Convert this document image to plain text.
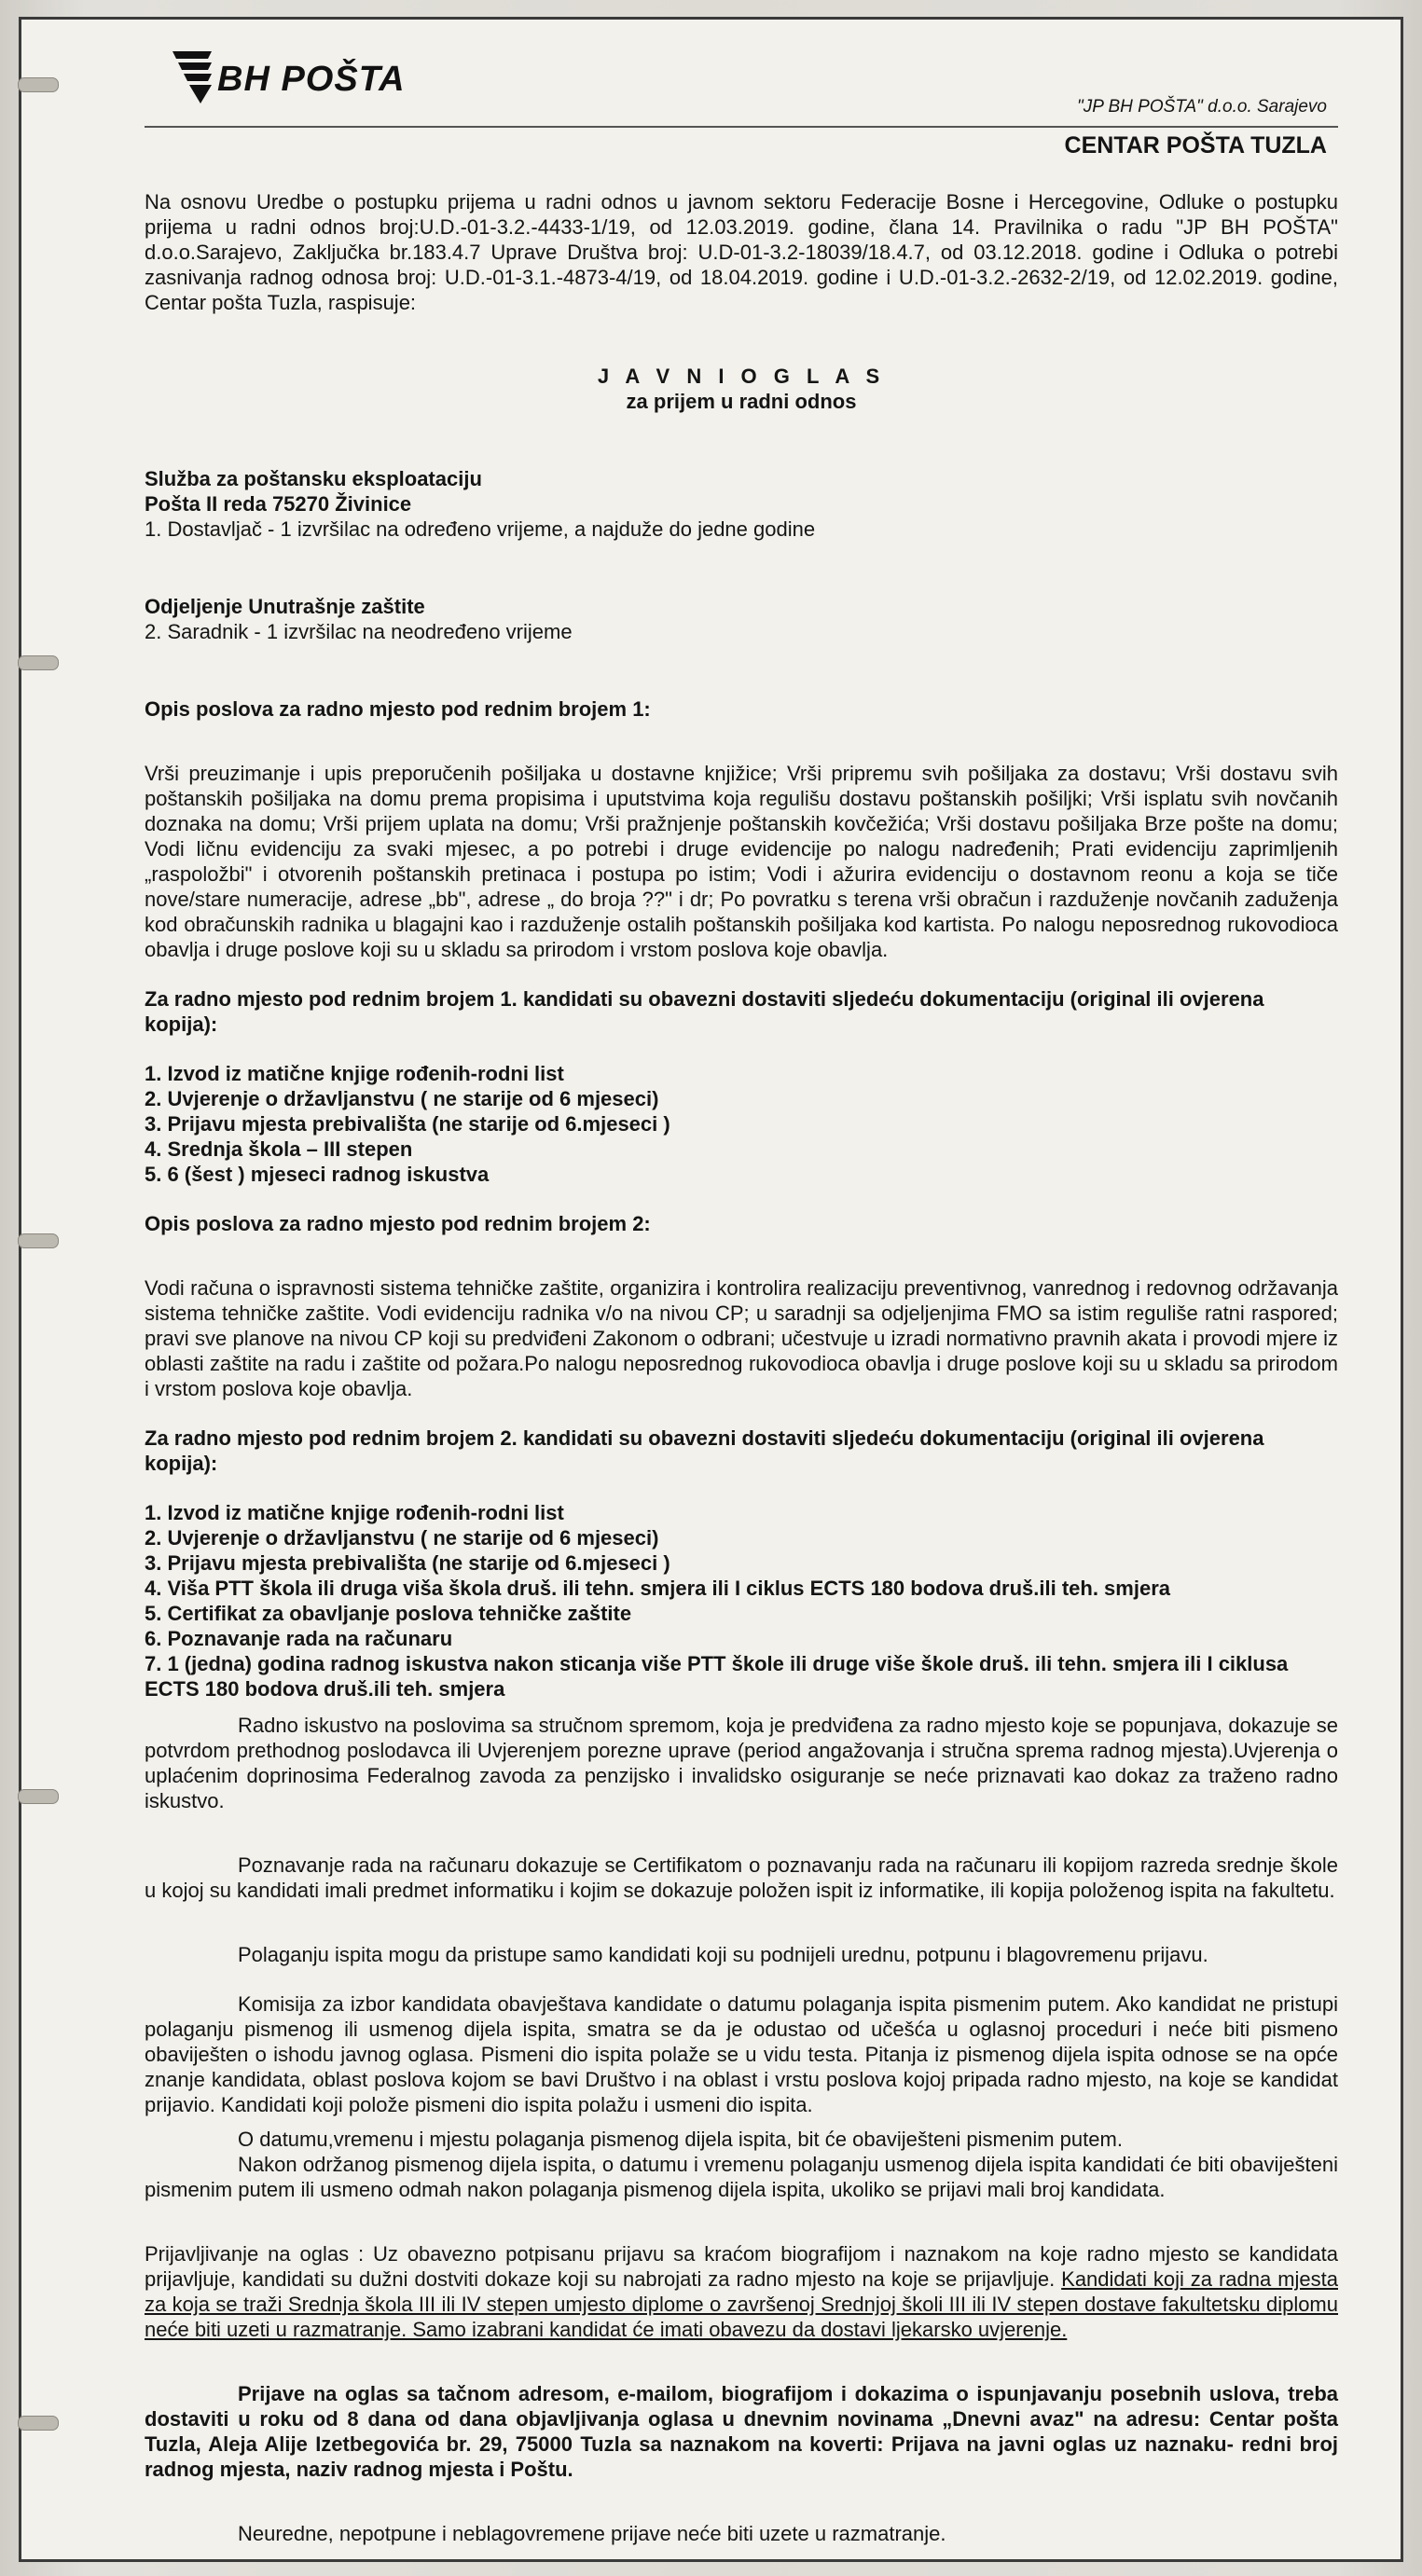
BH POŠTA
"JP BH POŠTA" d.o.o. Sarajevo
CENTAR POŠTA TUZLA

Na osnovu Uredbe o postupku prijema u radni odnos u javnom sektoru Federacije Bosne i Hercegovine, Odluke o postupku prijema u radni odnos broj:U.D.-01-3.2.-4433-1/19, od 12.03.2019. godine, člana 14. Pravilnika o radu "JP BH POŠTA" d.o.o.Sarajevo, Zaključka br.183.4.7 Uprave Društva broj: U.D-01-3.2-18039/18.4.7, od 03.12.2018. godine i Odluka o potrebi zasnivanja radnog odnosa broj: U.D.-01-3.1.-4873-4/19, od 18.04.2019. godine i U.D.-01-3.2.-2632-2/19, od 12.02.2019. godine, Centar pošta Tuzla, raspisuje:

J A V N I O G L A S

za prijem u radni odnos

Služba za poštansku eksploataciju

Pošta II reda 75270 Živinice

1. Dostavljač - 1 izvršilac na određeno vrijeme, a najduže do jedne godine

Odjeljenje Unutrašnje zaštite

2. Saradnik - 1 izvršilac na neodređeno vrijeme

Opis poslova za radno mjesto pod rednim brojem 1:

Vrši preuzimanje i upis preporučenih pošiljaka u dostavne knjižice; Vrši pripremu svih pošiljaka za dostavu; Vrši dostavu svih poštanskih pošiljaka na domu prema propisima i uputstvima koja regulišu dostavu poštanskih pošiljki; Vrši isplatu svih novčanih doznaka na domu; Vrši prijem uplata na domu; Vrši pražnjenje poštanskih kovčežića; Vrši dostavu pošiljaka Brze pošte na domu; Vodi ličnu evidenciju za svaki mjesec, a po potrebi i druge evidencije po nalogu nadređenih; Prati evidenciju zaprimljenih „raspoložbi" i otvorenih poštanskih pretinaca i postupa po istim; Vodi i ažurira evidenciju o dostavnom reonu a koja se tiče nove/stare numeracije, adrese „bb", adrese „ do broja ??" i dr; Po povratku s terena vrši obračun i razduženje novčanih zaduženja kod obračunskih radnika u blagajni kao i razduženje ostalih poštanskih pošiljaka kod kartista. Po nalogu neposrednog rukovodioca obavlja i druge poslove koji su u skladu sa prirodom i vrstom poslova koje obavlja.

Za radno mjesto pod rednim brojem 1. kandidati su obavezni dostaviti sljedeću dokumentaciju (original ili ovjerena kopija):

1. Izvod iz matične knjige rođenih-rodni list

2. Uvjerenje o državljanstvu ( ne starije od 6 mjeseci)

3. Prijavu mjesta prebivališta (ne starije od 6.mjeseci )

4. Srednja škola – III stepen

5. 6 (šest ) mjeseci radnog iskustva

Opis poslova za radno mjesto pod rednim brojem 2:

Vodi računa o ispravnosti sistema tehničke zaštite, organizira i kontrolira realizaciju preventivnog, vanrednog i redovnog održavanja sistema tehničke zaštite. Vodi evidenciju radnika v/o na nivou CP; u saradnji sa odjeljenjima FMO sa istim reguliše ratni raspored; pravi sve planove na nivou CP koji su predviđeni Zakonom o odbrani; učestvuje u izradi normativno pravnih akata i provodi mjere iz oblasti zaštite na radu i zaštite od požara.Po nalogu neposrednog rukovodioca obavlja i druge poslove koji su u skladu sa prirodom i vrstom poslova koje obavlja.

Za radno mjesto pod rednim brojem 2. kandidati su obavezni dostaviti sljedeću dokumentaciju (original ili ovjerena kopija):

1. Izvod iz matične knjige rođenih-rodni list

2. Uvjerenje o državljanstvu ( ne starije od 6 mjeseci)

3. Prijavu mjesta prebivališta (ne starije od 6.mjeseci )

4. Viša PTT škola ili druga viša škola druš. ili tehn. smjera ili I ciklus ECTS 180 bodova druš.ili teh. smjera

5. Certifikat za obavljanje poslova tehničke zaštite

6. Poznavanje rada na računaru

7. 1 (jedna) godina radnog iskustva nakon sticanja više PTT škole ili druge više škole druš. ili tehn. smjera ili I ciklusa ECTS 180 bodova druš.ili teh. smjera

Radno iskustvo na poslovima sa stručnom spremom, koja je predviđena za radno mjesto koje se popunjava, dokazuje se potvrdom prethodnog poslodavca ili Uvjerenjem porezne uprave (period angažovanja i stručna sprema radnog mjesta).Uvjerenja o uplaćenim doprinosima Federalnog zavoda za penzijsko i invalidsko osiguranje se neće priznavati kao dokaz za traženo radno iskustvo.

Poznavanje rada na računaru dokazuje se Certifikatom o poznavanju rada na računaru ili kopijom razreda srednje škole u kojoj su kandidati imali predmet informatiku i kojim se dokazuje položen ispit iz informatike, ili kopija položenog ispita na fakultetu.

Polaganju ispita mogu da pristupe samo kandidati koji su podnijeli urednu, potpunu i blagovremenu prijavu.

Komisija za izbor kandidata obavještava kandidate o datumu polaganja ispita pismenim putem. Ako kandidat ne pristupi polaganju pismenog ili usmenog dijela ispita, smatra se da je odustao od učešća u oglasnoj proceduri i neće biti pismeno obaviješten o ishodu javnog oglasa. Pismeni dio ispita polaže se u vidu testa. Pitanja iz pismenog dijela ispita odnose se na opće znanje kandidata, oblast poslova kojom se bavi Društvo i na oblast i vrstu poslova kojoj pripada radno mjesto, na koje se kandidat prijavio. Kandidati koji polože pismeni dio ispita polažu i usmeni dio ispita.

O datumu,vremenu i mjestu polaganja pismenog dijela ispita, bit će obaviješteni pismenim putem.

Nakon održanog pismenog dijela ispita, o datumu i vremenu polaganju usmenog dijela ispita kandidati će biti obaviješteni pismenim putem ili usmeno odmah nakon polaganja pismenog dijela ispita, ukoliko se prijavi mali broj kandidata.

Prijavljivanje na oglas : Uz obavezno potpisanu prijavu sa kraćom biografijom i naznakom na koje radno mjesto se kandidata prijavljuje, kandidati su dužni dostviti dokaze koji su nabrojati za radno mjesto na koje se prijavljuje. Kandidati koji za radna mjesta za koja se traži Srednja škola III ili IV stepen umjesto diplome o završenoj Srednjoj školi III ili IV stepen dostave fakultetsku diplomu neće biti uzeti u razmatranje. Samo izabrani kandidat će imati obavezu da dostavi ljekarsko uvjerenje.

Prijave na oglas sa tačnom adresom, e-mailom, biografijom i dokazima o ispunjavanju posebnih uslova, treba dostaviti u roku od 8 dana od dana objavljivanja oglasa u dnevnim novinama „Dnevni avaz" na adresu: Centar pošta Tuzla, Aleja Alije Izetbegovića br. 29, 75000 Tuzla sa naznakom na koverti: Prijava na javni oglas uz naznaku- redni broj radnog mjesta, naziv radnog mjesta i Poštu.

Neuredne, nepotpune i neblagovremene prijave neće biti uzete u razmatranje.
